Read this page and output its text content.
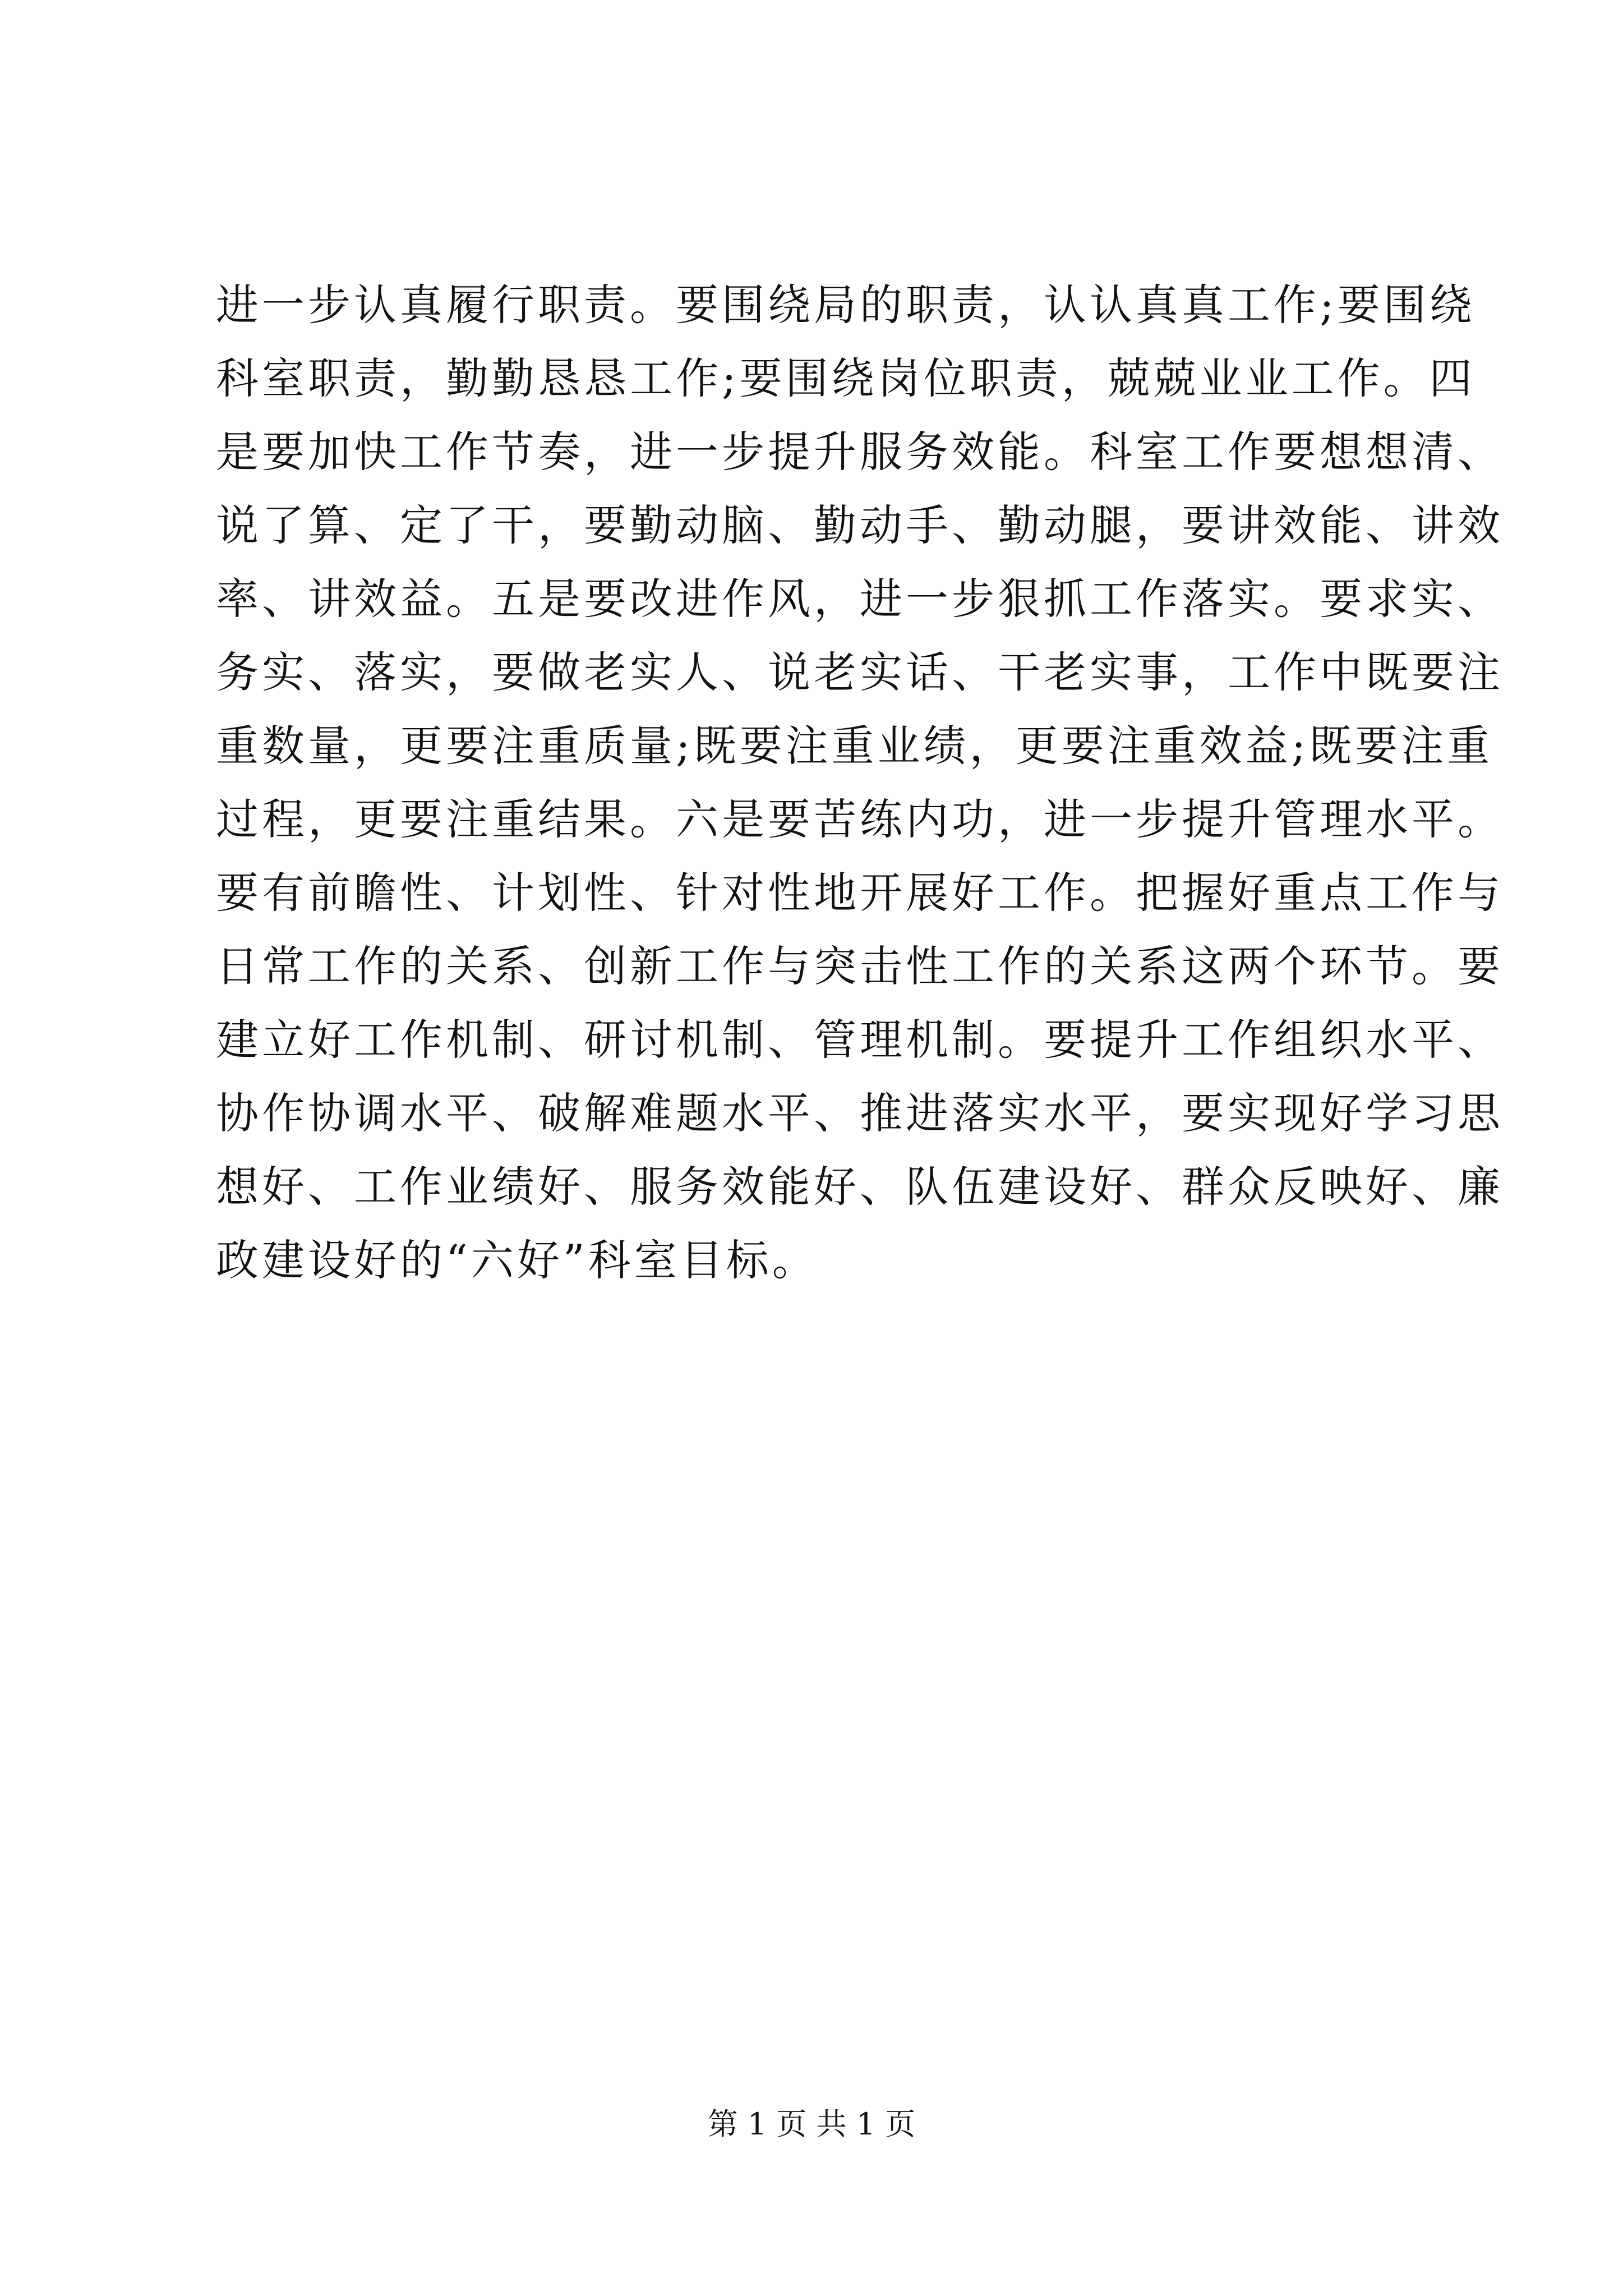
进一步认真履行职责。要围绕局的职责，认认真真工作;要围绕
科室职责，勤勤恳恳工作;要围绕岗位职责，兢兢业业工作。四
是要加快工作节奏，进一步提升服务效能。科室工作要想想清、
说了算、定了干，要勤动脑、勤动手、勤动腿，要讲效能、讲效
率、讲效益。五是要改进作风，进一步狠抓工作落实。要求实、
务实、落实，要做老实人、说老实话、干老实事，工作中既要注
重数量，更要注重质量;既要注重业绩，更要注重效益;既要注重
过程，更要注重结果。六是要苦练内功，进一步提升管理水平。
要有前瞻性、计划性、针对性地开展好工作。把握好重点工作与
日常工作的关系、创新工作与突击性工作的关系这两个环节。要
建立好工作机制、研讨机制、管理机制。要提升工作组织水平、
协作协调水平、破解难题水平、推进落实水平，要实现好学习思
想好、工作业绩好、服务效能好、队伍建设好、群众反映好、廉
政建设好的“六好”科室目标。
第 1 页 共 1 页
